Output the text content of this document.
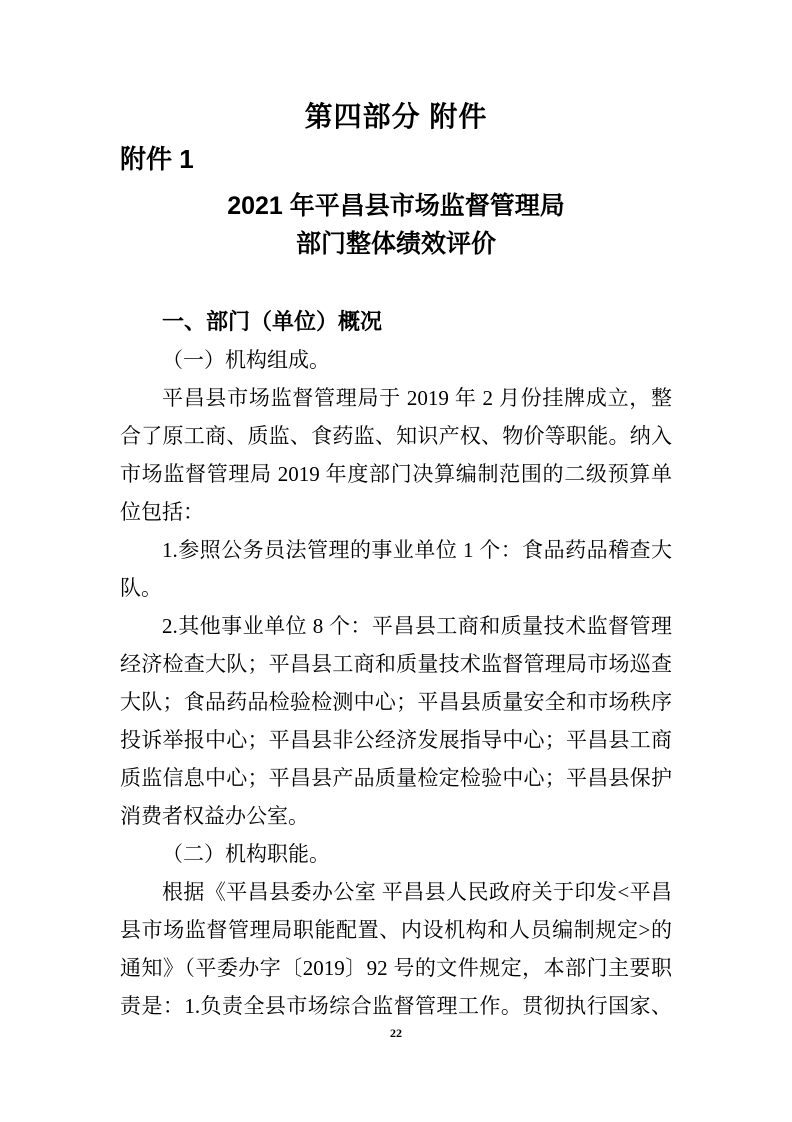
第四部分 附件
附件 1
2021 年平昌县市场监督管理局
部门整体绩效评价
一、部门（单位）概况
（一）机构组成。
平昌县市场监督管理局于 2019 年 2 月份挂牌成立，整
合了原工商、质监、食药监、知识产权、物价等职能。纳入
市场监督管理局 2019 年度部门决算编制范围的二级预算单
位包括：
1.参照公务员法管理的事业单位 1 个：食品药品稽查大
队。
2.其他事业单位 8 个：平昌县工商和质量技术监督管理
经济检查大队；平昌县工商和质量技术监督管理局市场巡查
大队；食品药品检验检测中心；平昌县质量安全和市场秩序
投诉举报中心；平昌县非公经济发展指导中心；平昌县工商
质监信息中心；平昌县产品质量检定检验中心；平昌县保护
消费者权益办公室。
（二）机构职能。
根据《平昌县委办公室 平昌县人民政府关于印发<平昌
县市场监督管理局职能配置、内设机构和人员编制规定>的
通知》（平委办字〔2019〕92 号的文件规定，本部门主要职
责是：1.负责全县市场综合监督管理工作。贯彻执行国家、
22
